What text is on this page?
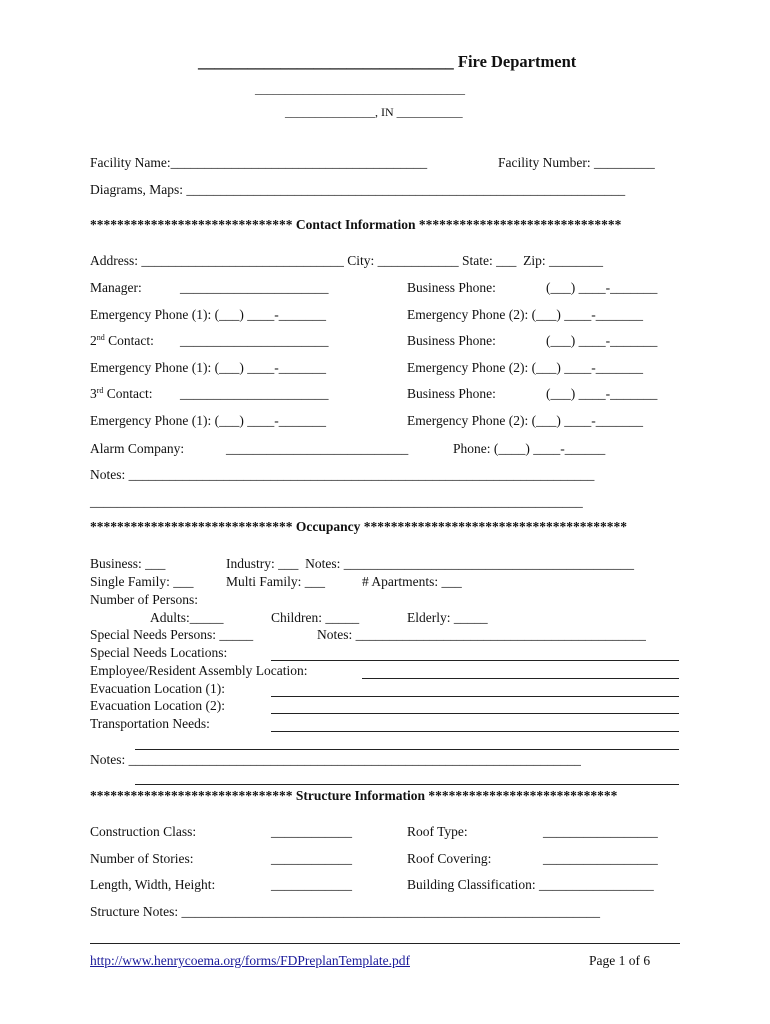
_______________________________ Fire Department
___________________________________
_______________, IN ___________
Facility Name:______________________________________	Facility Number: _________
Diagrams, Maps: _________________________________________________________________
****************************** Contact Information ******************************
Address: ______________________________ City: ____________ State: ___  Zip: ________
Manager:	______________________	Business Phone:	(___) ____-_______
Emergency Phone (1): (___) ____-_______	Emergency Phone (2): (___) ____-_______
2nd Contact: ______________________	Business Phone:	(___) ____-_______
Emergency Phone (1): (___) ____-_______	Emergency Phone (2): (___) ____-_______
3rd Contact: ______________________	Business Phone:	(___) ____-_______
Emergency Phone (1): (___) ____-_______	Emergency Phone (2): (___) ____-_______
Alarm Company:	___________________________	Phone: (____) ____-______
Notes: _____________________________________________________________________
_________________________________________________________________________
****************************** Occupancy ***************************************
Business: ___	Industry: ___  Notes: ___________________________________________
Single Family: ___ Multi Family: ___	# Apartments: ___
Number of Persons:
Adults:_____	Children: _____	Elderly: _____
Special Needs Persons: _____	Notes: ___________________________________________
Special Needs Locations:
Employee/Resident Assembly Location:
Evacuation Location (1):
Evacuation Location (2):
Transportation Needs:
Notes: ___________________________________________________________________
****************************** Structure Information ****************************
Construction Class:	____________	Roof Type:	_________________
Number of Stories:	____________	Roof Covering:	_________________
Length, Width, Height:	____________	Building Classification: _________________
Structure Notes: ______________________________________________________________
http://www.henrycoema.org/forms/FDPreplanTemplate.pdf	Page 1 of 6
